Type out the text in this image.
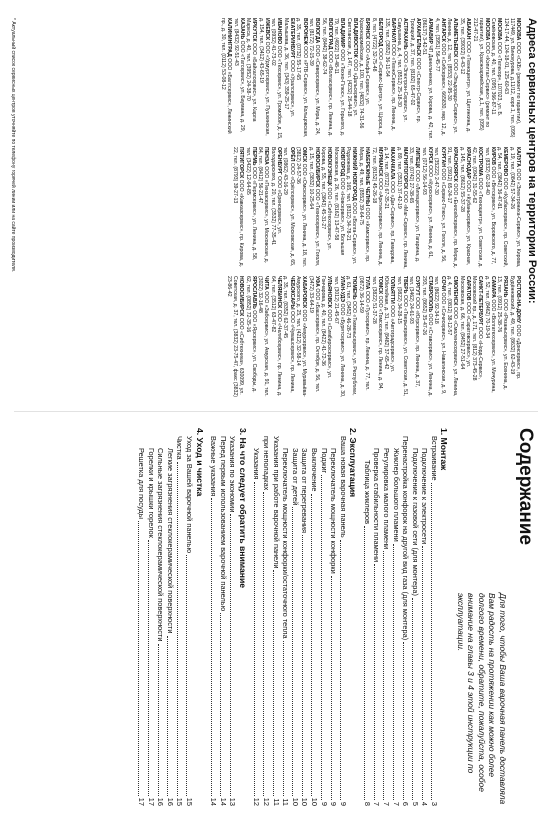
Адреса сервисных центров на территории России:
МОСКВА ООО «СКБ» (ремонт по гарантии), 117449, ул. Винокурова, д.11/12, корп.1, тел. (095) 124-17-44, 124-18-01, 125-60-63
МОСКВА ООО «Телекор», 107023, ул. Б. Семёновская, д. 40, тел. (095) 366-87-11
МОСКВА ООО «Кэпитал-Сервис» (ремонт по гарантии), ул. Красноармейская, д.1, тел. (095) 212-47-21
АБАКАН ООО «Техноцентр», ул. Щетинкина, д. 35, тел. (39022) 6-43-12
АЛЬМЕТЬЕВСК ООО «Эльдорадо-Сервис», ул. Ленина, д. 12, тел. (8553) 22-95-30
АНГАРСК ООО «Сибсервис», 665830, мкр. 12, д. 4, тел. (3951) 56-45-77
АРМАВИР ЧП Данильченко, ул. Кирова, д. 42, тел. (86137) 3-42-51
АРХАНГЕЛЬСК ООО «Спектр-Сервис», пр. Троицкий, д. 37, тел. (8182) 65-47-02
АСТРАХАНЬ ООО «Электрон-Сервис», ул. Савушкина, д. 4, тел. (8512) 25-18-30
БАРНАУЛ ООО «ТехноСервис», пр. Ленина, д. 135, тел. (3852) 36-11-54
БЕЛГОРОД ООО «Сервис-Центр», ул. Щорса, д. 8, тел. (4722) 32-75-48
БРЯНСК ООО «Альфа-Сервис», ул. Красноармейская, д. 100, тел. (4832) 74-31-56
ВЛАДИВОСТОК ООО «Дальсервис», ул. Светланская, д. 147, тел. (4232) 26-44-18
ВЛАДИМИР ООО «Техно-Плюс», ул. Горького, д. 79, тел. (4922) 33-48-11
ВОЛГОГРАД ООО «Волгасервис», пр. Ленина, д. 56, тел. (8442) 38-62-74
ВОЛОГДА ООО «Северсервис», ул. Мира, д. 24, тел. (8172) 72-15-39
ВОРОНЕЖ ООО «РТВ-Сервис», ул. Кольцовская, д. 35, тел. (0732) 55-17-65
ЕКАТЕРИНБУРГ ООО «Уралсервис», ул. Малышева, д. 36, тел. (343) 359-25-17
ИВАНОВО ООО «Техсервис», ул. Громобоя, д. 15, тел. (0932) 41-73-02
ИЖЕВСК ООО «Удмуртсервис», ул. Пушкинская, д. 154, тел. (3412) 43-65-19
ИРКУТСК ООО «Байкалсервис», ул. Карла Маркса, д. 40, тел. (3952) 24-38-70
КАЗАНЬ ООО «Татсервис», ул. Баумана, д. 29, тел. (8432) 92-51-43
КАЛИНИНГРАД ООО «Балтсервис», Ленинский пр., д. 30, тел. (0112) 53-08-12
КАЛУГА ООО «Электроника-Сервис», ул. Кирова, д. 19, тел. (0842) 57-34-26
КЕМЕРОВО ООО «Кузбассервис», пр. Советский, д. 54, тел. (3842) 36-47-81
КИРОВ ООО «Вятсервис», ул. Воровского, д. 77, тел. (8332) 62-18-40
КОСТРОМА ООО «Техноцентр», ул. Советская, д. 42, тел. (0942) 31-55-62
КРАСНОДАР ООО «Кубаньсервис», ул. Красная, д. 145, тел. (8612) 55-37-28
КРАСНОЯРСК ООО «Енисейсервис», пр. Мира, д. 91, тел. (3912) 65-24-17
КУРГАН ООО «Сервис-Плюс», ул. Гоголя, д. 56, тел. (35222) 2-47-30
КУРСК ООО «Курсксервис», ул. Ленина, д. 61, тел. (0712) 56-14-93
ЛИПЕЦК ООО «Липецксервис», ул. Гагарина, д. 33, тел. (0742) 27-38-65
МАГНИТОГОРСК ООО «Маг-Сервис», пр. Ленина, д. 89, тел. (3511) 37-42-19
МАХАЧКАЛА ООО «Даг-Сервис», пр. Гамидова, д. 14, тел. (8722) 67-35-21
МУРМАНСК ООО «Арктиксервис», пр. Ленина, д. 72, тел. (8152) 45-26-18
НАБЕРЕЖНЫЕ ЧЕЛНЫ ООО «Камсервис», пр. Мира, д. 49, тел. (8552) 39-64-75
НИЖНИЙ НОВГОРОД ООО «Волга-Сервис», ул. Родионова, д. 165, тел. (8312) 34-78-21
НОВГОРОД ООО «Новсервис», ул. Большая Московская, д. 26, тел. (8162) 13-47-58
НОВОКУЗНЕЦК ООО «Сибтехсервис», ул. Кирова, д. 55, тел. (3843) 45-31-27
НОВОСИБИРСК ООО «Техносервис», ул. Гоголя, д. 15, тел. (3832) 10-25-64
ОМСК ООО «Омсксервис», ул. Ленина, д. 18, тел. (3812) 24-57-36
ОРЁЛ ООО «Орёлсервис», ул. Московская, д. 65, тел. (0862) 43-16-29
ОРЕНБУРГ ООО «Оренсервис», ул. Володарского, д. 20, тел. (3532) 77-35-41
ПЕНЗА ООО «Пензасервис», ул. Московская, д. 84, тел. (8412) 56-21-47
ПЕРМЬ ООО «Пермсервис», ул. Ленина, д. 58, тел. (3422) 12-64-85
ПЯТИГОРСК ООО «Кавказсервис», пр. Кирова, д. 22, тел. (8793) 39-27-13
РОСТОВ-НА-ДОНУ ООО «Донсервис», пр. Будённовский, д. 49, тел. (8632) 62-43-19
РЯЗАНЬ ООО «Рязаньсервис», ул. Есенина, д. 13, тел. (0912) 25-38-76
САМАРА ООО «Волгатехсервис», ул. Мичурина, д. 52, тел. (8462) 70-19-34
САНКТ-ПЕТЕРБУРГ ООО «Норд-Сервис», Московский пр., д. 171, тел. (812) 373-45-28
САРАТОВ ООО «Саратовсервис», ул. Московская, д. 66, тел. (8452) 27-51-64
СМОЛЕНСК ООО «Смоленсксервис», ул. Ленина, д. 4, тел. (0812) 38-12-57
СОЧИ ООО «Сочисервис», ул. Навагинская, д. 9, тел. (8622) 92-34-18
СТАВРОПОЛЬ ООО «Ставсервис», ул. Ленина, д. 293, тел. (8652) 35-47-26
СУРГУТ ООО «Югрсервис», пр. Ленина, д. 37, тел. (3462) 24-61-93
ТВЕРЬ ООО «Тверьсервис», ул. Советская, д. 51, тел. (0822) 34-28-15
ТОЛЬЯТТИ ООО «Автоградсервис», ул. Юбилейная, д. 31, тел. (8482) 37-65-42
ТОМСК ООО «Томсксервис», пр. Ленина, д. 94, тел. (3822) 51-37-28
ТУЛА ООО «Тулсервис», пр. Ленина, д. 77, тел. (0872) 36-14-59
ТЮМЕНЬ ООО «Тюменьсервис», ул. Республики, д. 61, тел. (3452) 46-28-73
УЛАН-УДЭ ООО «Бурятсервис», ул. Ленина, д. 30, тел. (3012) 21-45-67
УЛЬЯНОВСК ООО «Симбирсксервис», ул. Гончарова, д. 40, тел. (8422) 41-72-36
УФА ООО «Башсервис», пр. Октября, д. 56, тел. (3472) 33-64-19
ХАБАРОВСК ООО «Амурсервис», ул. Муравьёва-Амурского, д. 25, тел. (4212) 32-58-14
ЧЕБОКСАРЫ ООО «Чувашсервис», пр. Ленина, д. 35, тел. (8352) 62-37-45
ЧЕЛЯБИНСК ООО «Челябсервис», пр. Ленина, д. 64, тел. (3512) 63-47-82
ЧИТА ООО «Забсервис», ул. Амурская, д. 91, тел. (3022) 32-16-48
ЯРОСЛАВЛЬ ООО «Ярсервис», ул. Свободы, д. 62, тел. (0852) 72-35-16
НОВОСИБИРСК ООО «Сибтехника», 630099, ул. Советская, д. 37, тел. (3832) 23-75-47, факс (3832) 23-86-42
* Актуальный список сервисных центров уточняйте по телефону горячей линии или на сайте производителя.
Содержание
Для того, чтобы Ваша варочная панель доставляла Вам радость на протяжении как можно более долгого времени, обратите, пожалуйста, особое внимание на главы 3 и 4 этой инструкции по эксплуатации.
1. Монтаж
Встраивание
3
Подключение к электросети
4
Подключение к газовой сети (для монтера)
5
Перенастройка конфорок на другой вид газа (для монтера)
6
Жиклер большого пламени
7
Регулировка малого пламени
7
Проверка стабильности пламени
7
Таблица жиклеров
8
2. Эксплуатация
Ваша новая варочная панель
9
Переключатель мощности конфорки
9
Поджиг
9
Выключение
10
Защита от перегревания
10
Защита от детей
10
Переключатель мощности конфорки/остаточного тепла
11
Указания при работе варочной панели
11
при неполадках
12
Указания
12
3. На что следует обратить внимание
Указания по экономии
13
Перед первым использованием варочной панелью
14
Важные указания
14
4. Уход и чистка
Уход за Вашей варочной панелью
15
Чистка
15
Легкие загрязнения стеклокерамической поверхности
16
Сильные загрязнения стеклокерамической поверхности
16
Горелки и крышки горелок
17
Решетка для посуды
17
